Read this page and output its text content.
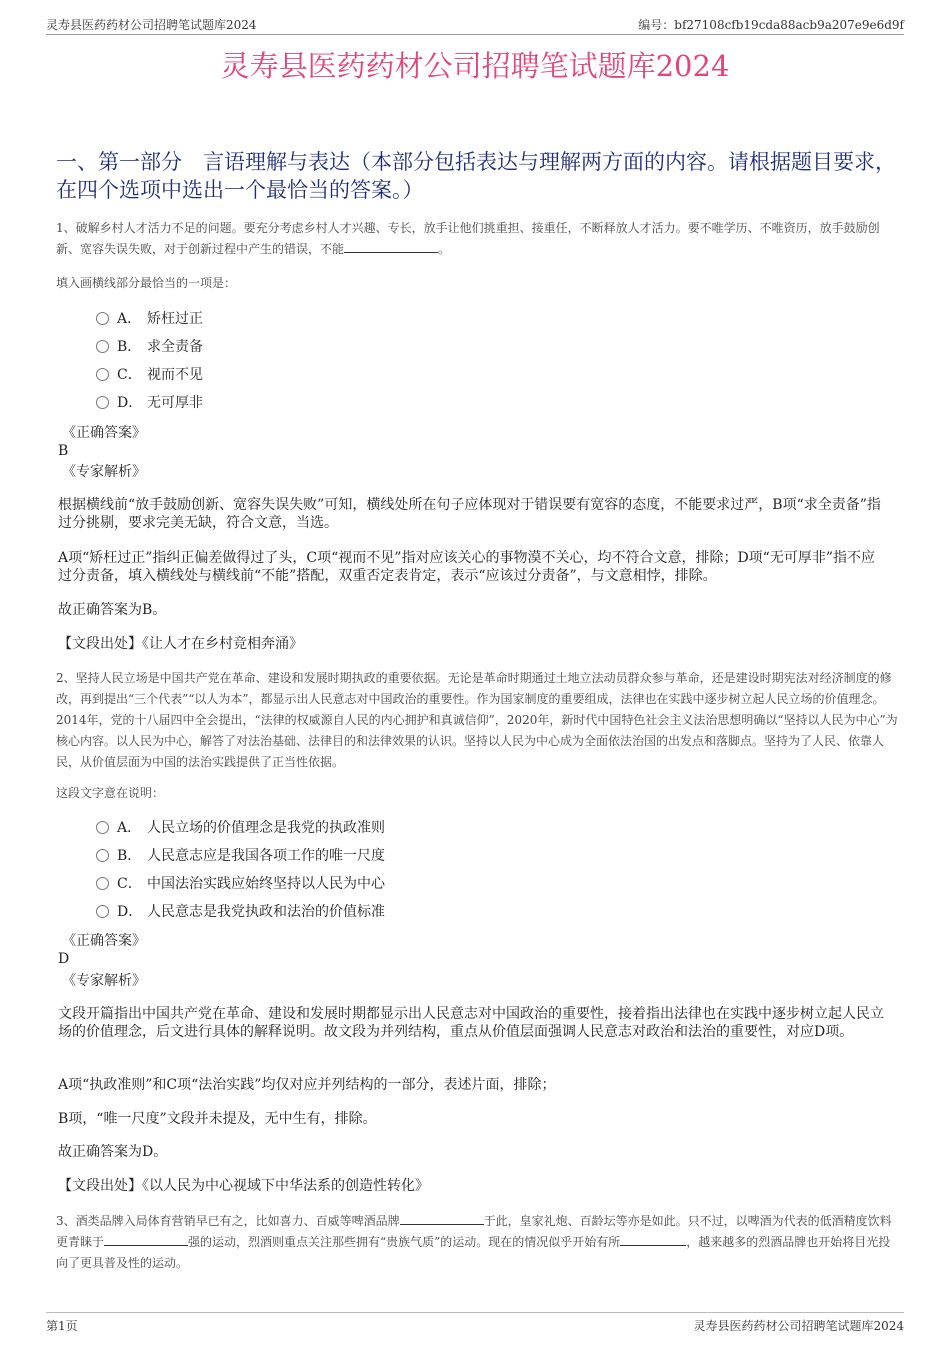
灵寿县医药药材公司招聘笔试题库2024	编号：bf27108cfb19cda88acb9a207e9e6d9f
灵寿县医药药材公司招聘笔试题库2024
一、第一部分　言语理解与表达（本部分包括表达与理解两方面的内容。请根据题目要求，在四个选项中选出一个最恰当的答案。）
1、破解乡村人才活力不足的问题。要充分考虑乡村人才兴趣、专长，放手让他们挑重担、接重任，不断释放人才活力。要不唯学历、不唯资历，放手鼓励创新、宽容失误失败，对于创新过程中产生的错误，不能	。
填入画横线部分最恰当的一项是：
A． 矫枉过正
B． 求全责备
C． 视而不见
D． 无可厚非
《正确答案》
B
《专家解析》
根据横线前“放手鼓励创新、宽容失误失败”可知，横线处所在句子应体现对于错误要有宽容的态度，不能要求过严，B项“求全责备”指过分挑剔，要求完美无缺，符合文意，当选。
A项“矫枉过正”指纠正偏差做得过了头，C项“视而不见”指对应该关心的事物漠不关心，均不符合文意，排除；D项“无可厚非”指不应过分责备，填入横线处与横线前“不能”搭配，双重否定表肯定，表示“应该过分责备”，与文意相悖，排除。
故正确答案为B。
【文段出处】《让人才在乡村竞相奔涌》
2、坚持人民立场是中国共产党在革命、建设和发展时期执政的重要依据。无论是革命时期通过土地立法动员群众参与革命，还是建设时期宪法对经济制度的修改，再到提出“三个代表”“以人为本”，都显示出人民意志对中国政治的重要性。作为国家制度的重要组成，法律也在实践中逐步树立起人民立场的价值理念。2014年，党的十八届四中全会提出，“法律的权威源自人民的内心拥护和真诚信仰”，2020年，新时代中国特色社会主义法治思想明确以“坚持以人民为中心”为核心内容。以人民为中心，解答了对法治基础、法律目的和法律效果的认识。坚持以人民为中心成为全面依法治国的出发点和落脚点。坚持为了人民、依靠人民，从价值层面为中国的法治实践提供了正当性依据。
这段文字意在说明：
A． 人民立场的价值理念是我党的执政准则
B． 人民意志应是我国各项工作的唯一尺度
C． 中国法治实践应始终坚持以人民为中心
D． 人民意志是我党执政和法治的价值标准
《正确答案》
D
《专家解析》
文段开篇指出中国共产党在革命、建设和发展时期都显示出人民意志对中国政治的重要性，接着指出法律也在实践中逐步树立起人民立场的价值理念，后文进行具体的解释说明。故文段为并列结构，重点从价值层面强调人民意志对政治和法治的重要性，对应D项。
A项“执政准则”和C项“法治实践”均仅对应并列结构的一部分，表述片面，排除；
B项，“唯一尺度”文段并未提及，无中生有，排除。
故正确答案为D。
【文段出处】《以人民为中心视域下中华法系的创造性转化》
3、酒类品牌入局体育营销早已有之，比如喜力、百威等啤酒品牌	于此，皇家礼炮、百龄坛等亦是如此。只不过，以啤酒为代表的低酒精度饮料更青睐于	强的运动，烈酒则重点关注那些拥有“贵族气质”的运动。现在的情况似乎开始有所	，越来越多的烈酒品牌也开始将目光投向了更具普及性的运动。
第1页	灵寿县医药药材公司招聘笔试题库2024
